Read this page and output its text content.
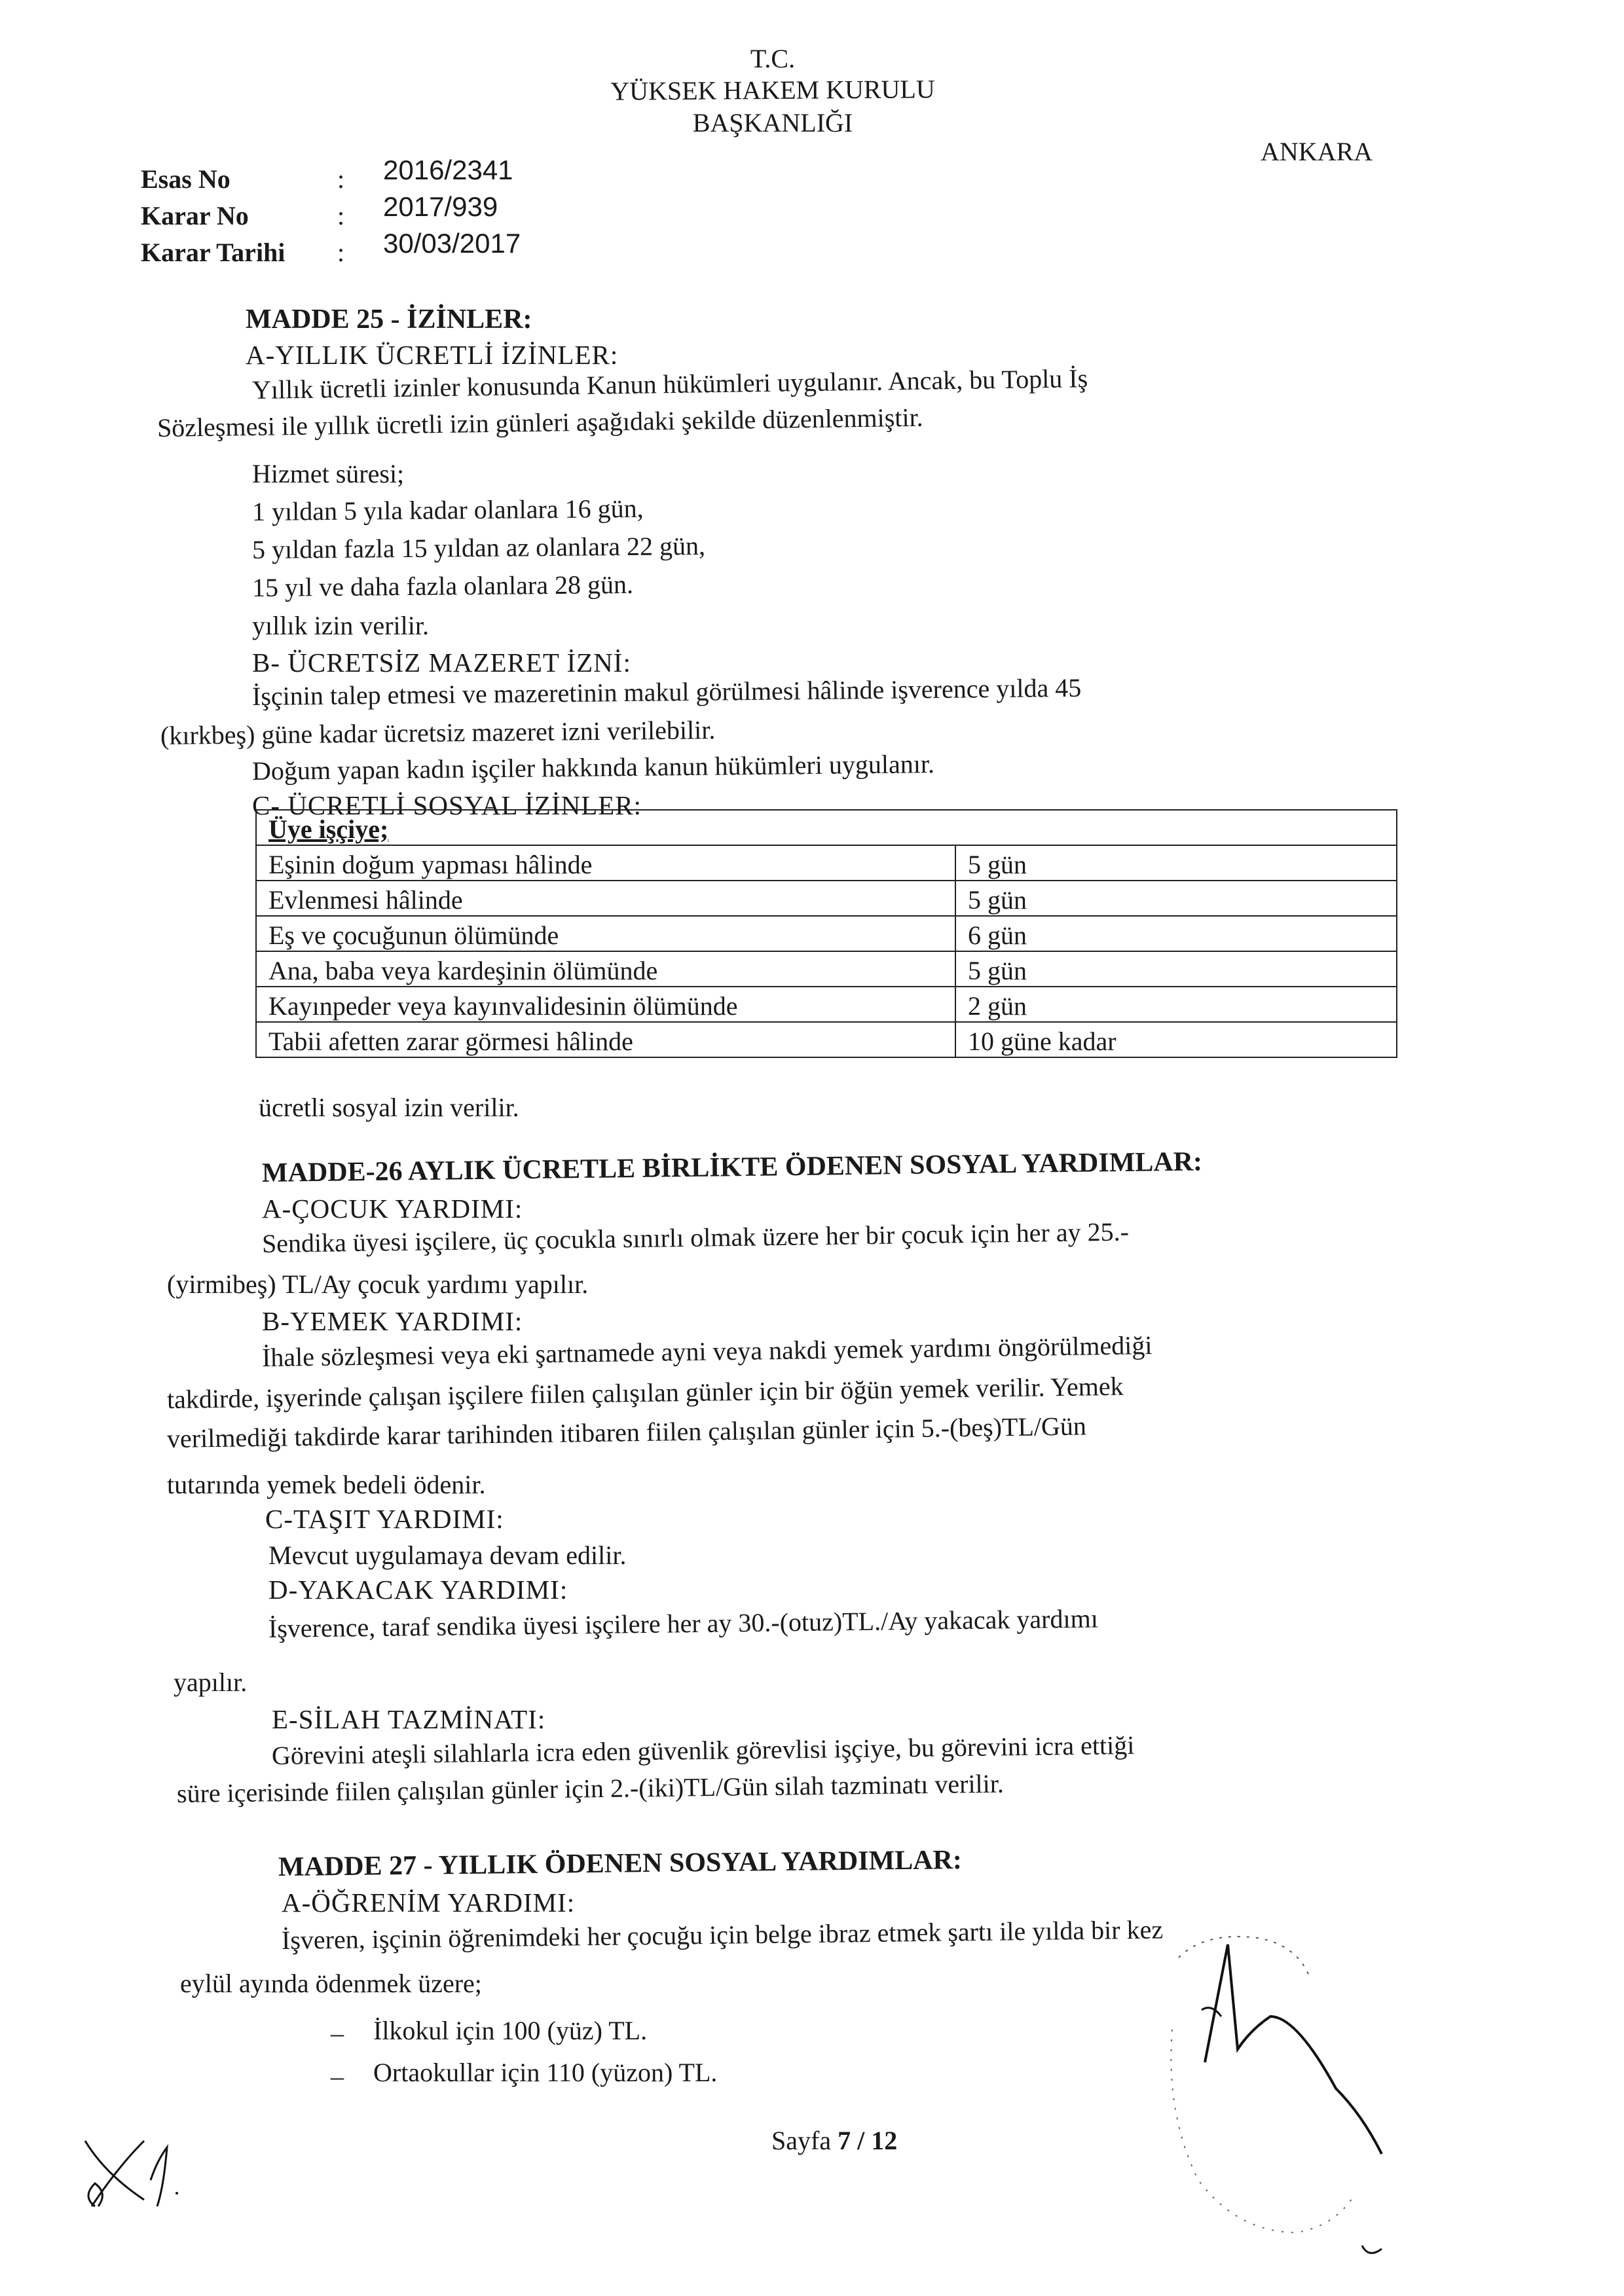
T.C.
YÜKSEK HAKEM KURULU
BAŞKANLIĞI
ANKARA
Esas No	: 2016/2341
Karar No	: 2017/939
Karar Tarihi : 30/03/2017
MADDE 25 - İZİNLER:
A-YILLIK ÜCRETLİ İZİNLER:
Yıllık ücretli izinler konusunda Kanun hükümleri uygulanır. Ancak, bu Toplu İş
Sözleşmesi ile yıllık ücretli izin günleri aşağıdaki şekilde düzenlenmiştir.
Hizmet süresi;
1 yıldan 5 yıla kadar olanlara 16 gün,
5 yıldan fazla 15 yıldan az olanlara 22 gün,
15 yıl ve daha fazla olanlara 28 gün.
yıllık izin verilir.
B- ÜCRETSİZ MAZERET İZNİ:
İşçinin talep etmesi ve mazeretinin makul görülmesi hâlinde işverence yılda 45
(kırkbeş) güne kadar ücretsiz mazeret izni verilebilir.
Doğum yapan kadın işçiler hakkında kanun hükümleri uygulanır.
C- ÜCRETLİ SOSYAL İZİNLER:
Üye işçiye;	
Eşinin doğum yapması hâlinde	5 gün
Evlenmesi hâlinde	5 gün
Eş ve çocuğunun ölümünde	6 gün
Ana, baba veya kardeşinin ölümünde	5 gün
Kayınpeder veya kayınvalidesinin ölümünde	2 gün
Tabii afetten zarar görmesi hâlinde	10 güne kadar
ücretli sosyal izin verilir.
MADDE-26 AYLIK ÜCRETLE BİRLİKTE ÖDENEN SOSYAL YARDIMLAR:
A-ÇOCUK YARDIMI:
Sendika üyesi işçilere, üç çocukla sınırlı olmak üzere her bir çocuk için her ay 25.-
(yirmibeş) TL/Ay çocuk yardımı yapılır.
B-YEMEK YARDIMI:
İhale sözleşmesi veya eki şartnamede ayni veya nakdi yemek yardımı öngörülmediği
takdirde, işyerinde çalışan işçilere fiilen çalışılan günler için bir öğün yemek verilir. Yemek
verilmediği takdirde karar tarihinden itibaren fiilen çalışılan günler için 5.-(beş)TL/Gün
tutarında yemek bedeli ödenir.
C-TAŞIT YARDIMI:
Mevcut uygulamaya devam edilir.
D-YAKACAK YARDIMI:
İşverence, taraf sendika üyesi işçilere her ay 30.-(otuz)TL./Ay yakacak yardımı
yapılır.
E-SİLAH TAZMİNATI:
Görevini ateşli silahlarla icra eden güvenlik görevlisi işçiye, bu görevini icra ettiği
süre içerisinde fiilen çalışılan günler için 2.-(iki)TL/Gün silah tazminatı verilir.
MADDE 27 - YILLIK ÖDENEN SOSYAL YARDIMLAR:
A-ÖĞRENİM YARDIMI:
İşveren, işçinin öğrenimdeki her çocuğu için belge ibraz etmek şartı ile yılda bir kez
eylül ayında ödenmek üzere;
– İlkokul için 100 (yüz) TL.
– Ortaokullar için 110 (yüzon) TL.
Sayfa 7 / 12
